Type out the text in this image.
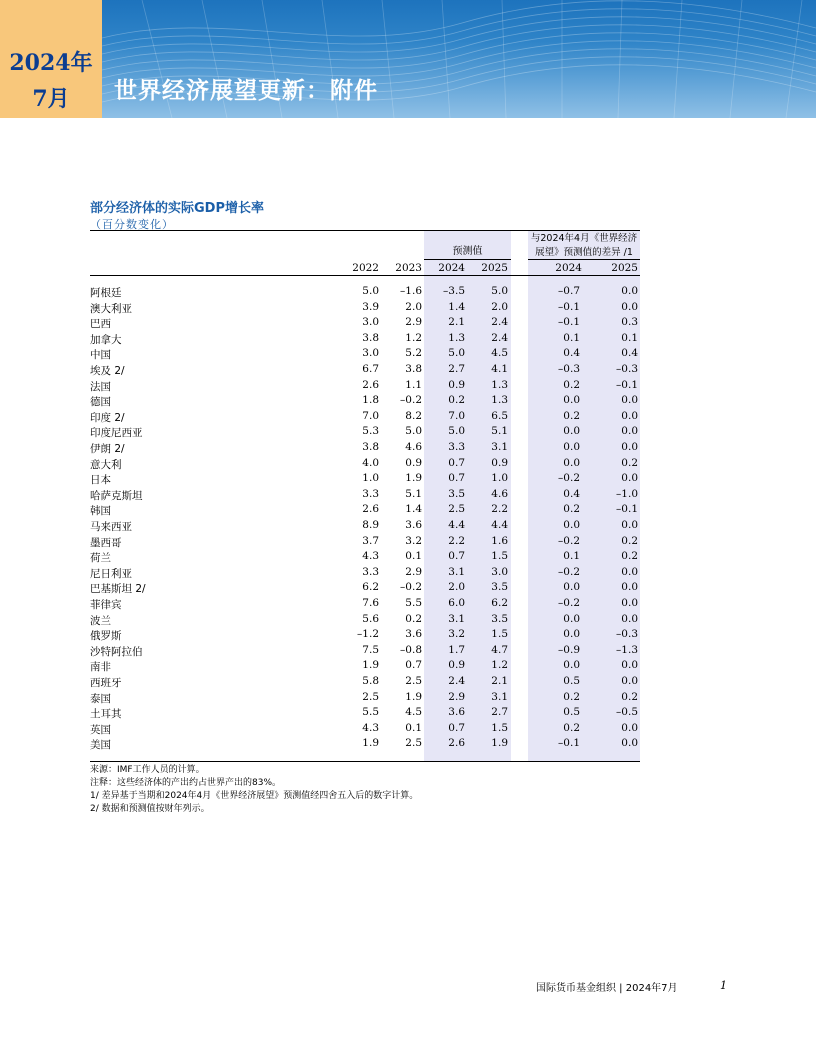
2024年
7月	世界经济展望更新：附件
部分经济体的实际GDP增长率
（百分数变化）
预测值
与2024年4月《世界经济
展望》预测值的差异 /1
2022	2023	2024	2025	2024	2025
阿根廷	5.0	–1.6	–3.5	5.0	–0.7	0.0
澳大利亚	3.9	2.0	1.4	2.0	–0.1	0.0
巴西	3.0	2.9	2.1	2.4	–0.1	0.3
加拿大	3.8	1.2	1.3	2.4	0.1	0.1
中国	3.0	5.2	5.0	4.5	0.4	0.4
埃及 2/	6.7	3.8	2.7	4.1	–0.3	–0.3
法国	2.6	1.1	0.9	1.3	0.2	–0.1
德国	1.8	–0.2	0.2	1.3	0.0	0.0
印度 2/	7.0	8.2	7.0	6.5	0.2	0.0
印度尼西亚	5.3	5.0	5.0	5.1	0.0	0.0
伊朗 2/	3.8	4.6	3.3	3.1	0.0	0.0
意大利	4.0	0.9	0.7	0.9	0.0	0.2
日本	1.0	1.9	0.7	1.0	–0.2	0.0
哈萨克斯坦	3.3	5.1	3.5	4.6	0.4	–1.0
韩国	2.6	1.4	2.5	2.2	0.2	–0.1
马来西亚	8.9	3.6	4.4	4.4	0.0	0.0
墨西哥	3.7	3.2	2.2	1.6	–0.2	0.2
荷兰	4.3	0.1	0.7	1.5	0.1	0.2
尼日利亚	3.3	2.9	3.1	3.0	–0.2	0.0
巴基斯坦 2/	6.2	–0.2	2.0	3.5	0.0	0.0
菲律宾	7.6	5.5	6.0	6.2	–0.2	0.0
波兰	5.6	0.2	3.1	3.5	0.0	0.0
俄罗斯	–1.2	3.6	3.2	1.5	0.0	–0.3
沙特阿拉伯	7.5	–0.8	1.7	4.7	–0.9	–1.3
南非	1.9	0.7	0.9	1.2	0.0	0.0
西班牙	5.8	2.5	2.4	2.1	0.5	0.0
泰国	2.5	1.9	2.9	3.1	0.2	0.2
土耳其	5.5	4.5	3.6	2.7	0.5	–0.5
英国	4.3	0.1	0.7	1.5	0.2	0.0
美国	1.9	2.5	2.6	1.9	–0.1	0.0
来源：IMF工作人员的计算。
注释：这些经济体的产出约占世界产出的83%。
1/ 差异基于当期和2024年4月《世界经济展望》预测值经四舍五入后的数字计算。
2/ 数据和预测值按财年列示。
国际货币基金组织 | 2024年7月	1
